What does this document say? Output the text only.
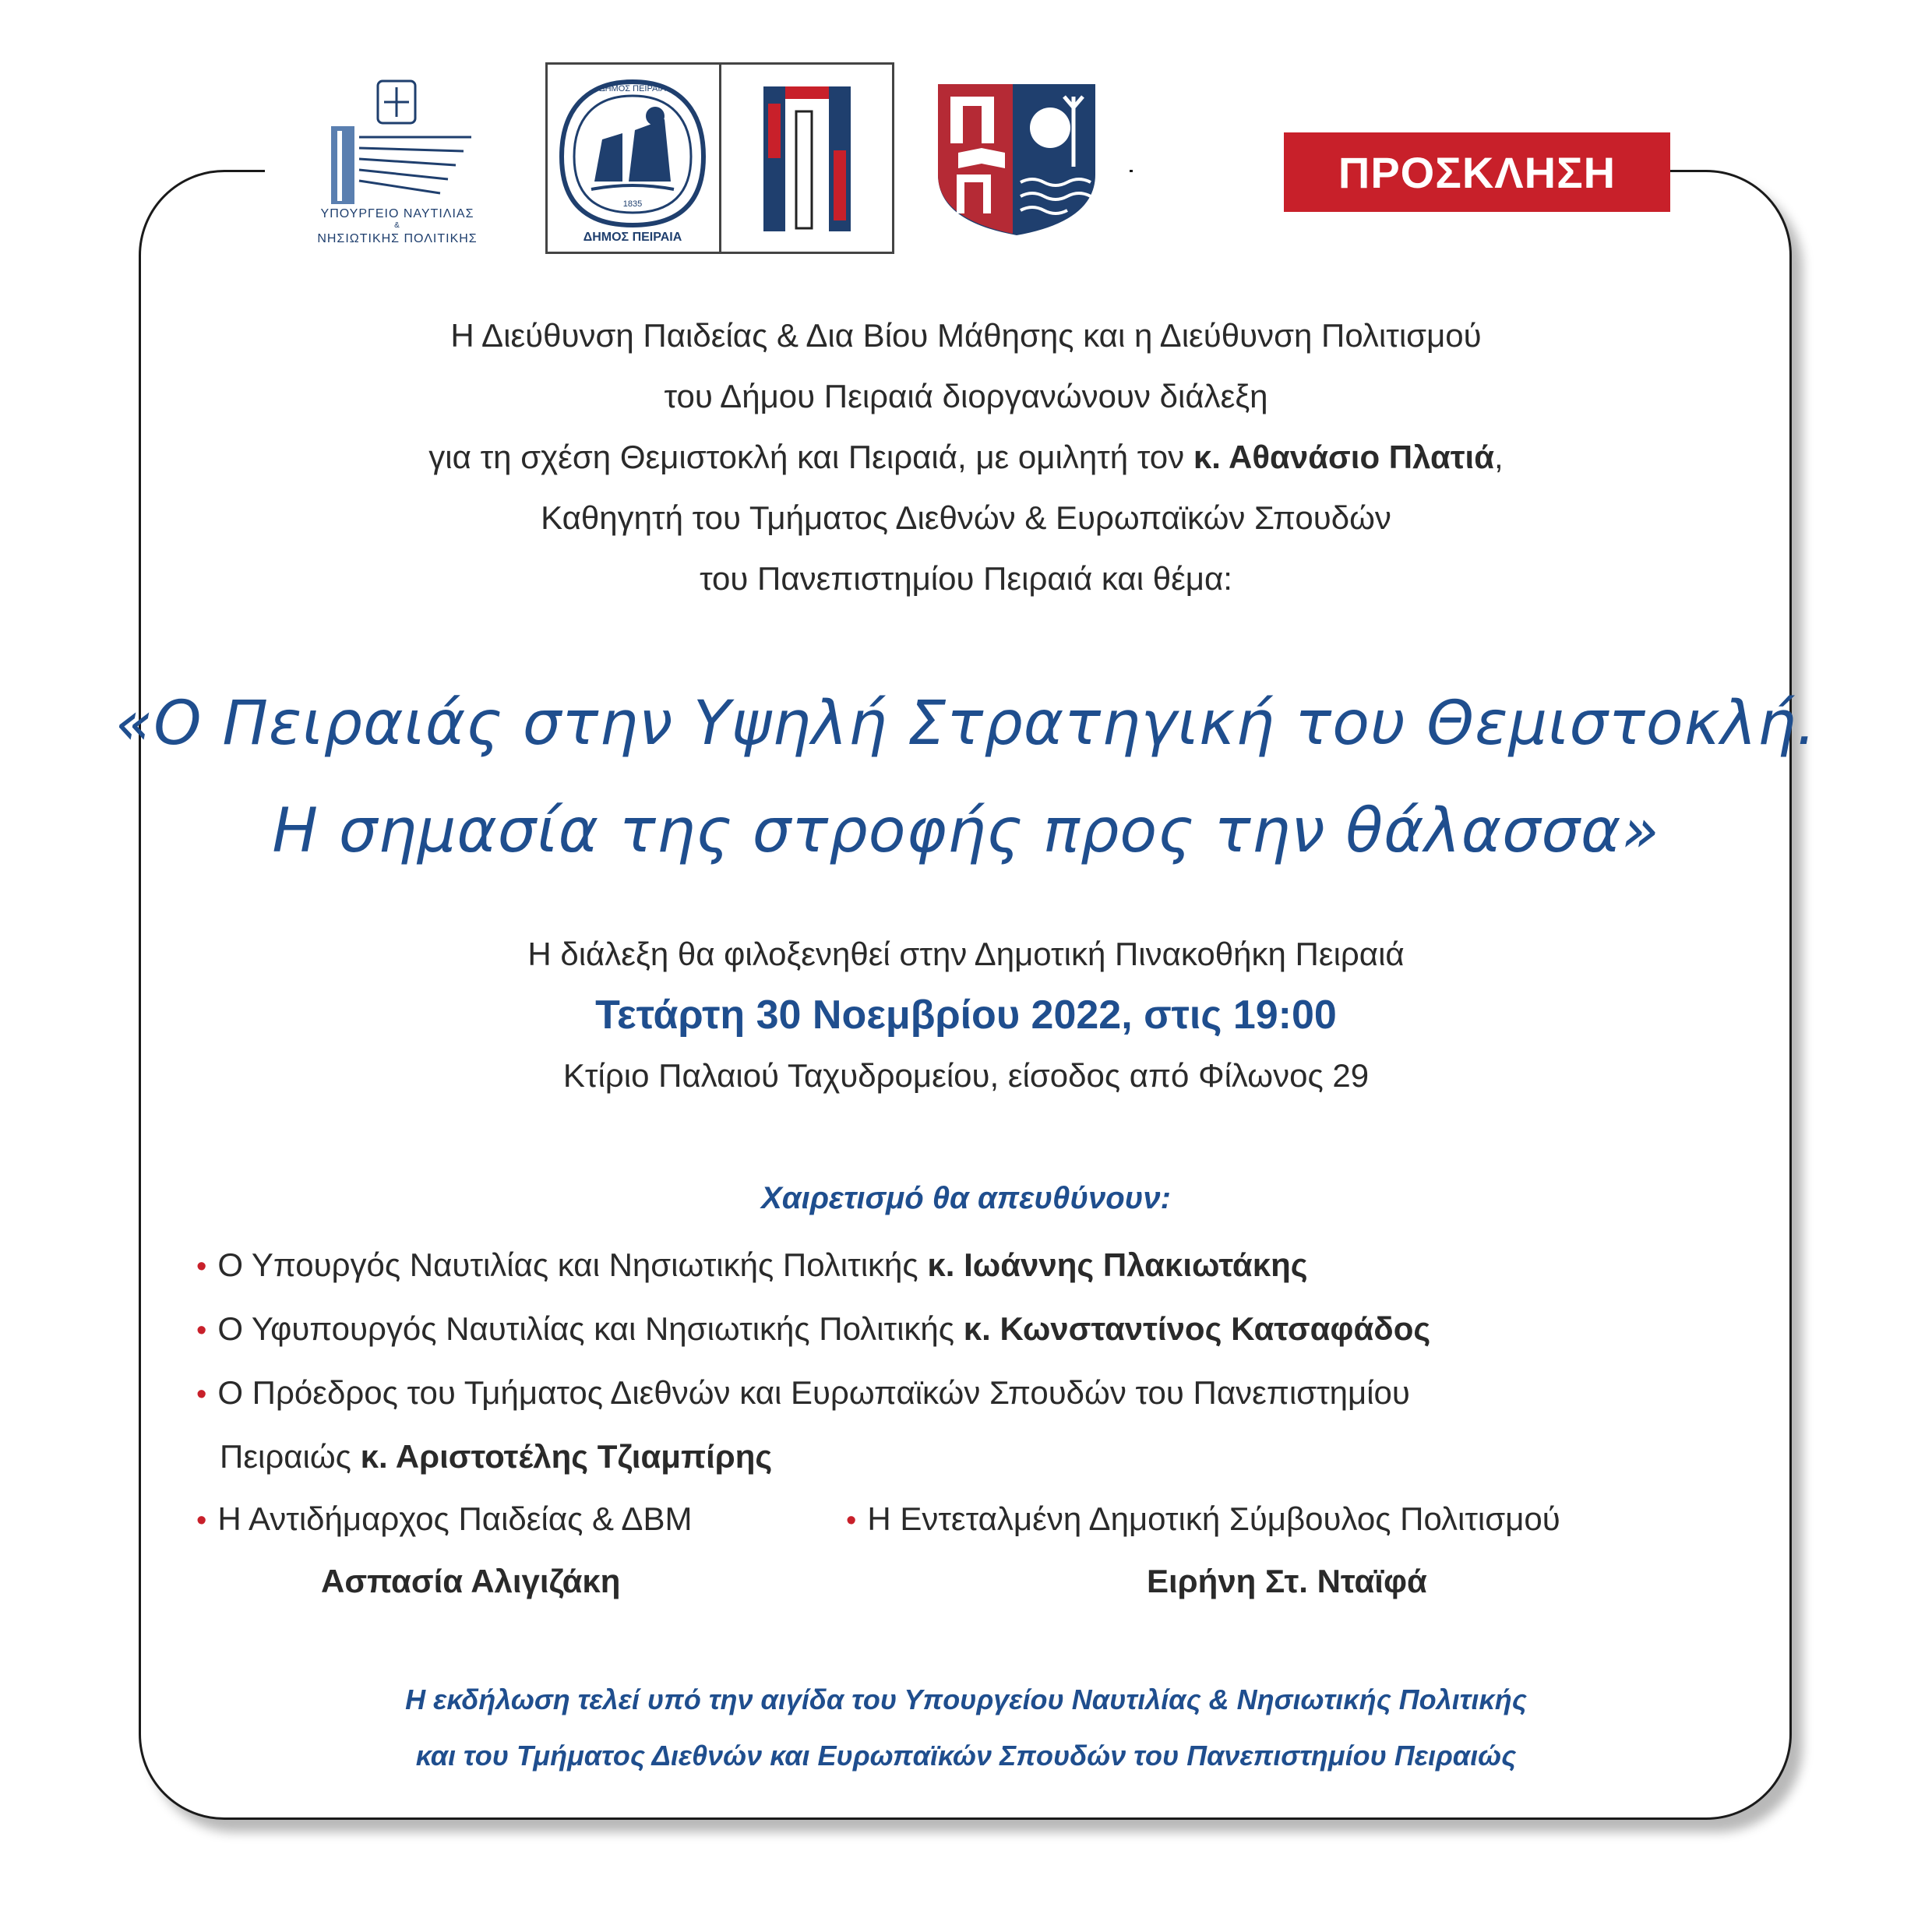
ΥΠΟΥΡΓΕΙΟ ΝΑΥΤΙΛΙΑΣ
&
ΝΗΣΙΩΤΙΚΗΣ ΠΟΛΙΤΙΚΗΣ
ΔΗΜΟΣ ΠΕΙΡΑΙΑ
1835
ΔΗΜΟΣ ΠΕΙΡΑΙΑ
ΠΡΟΣΚΛΗΣΗ

Η Διεύθυνση Παιδείας & Δια Βίου Μάθησης και η Διεύθυνση Πολιτισμού

του Δήμου Πειραιά διοργανώνουν διάλεξη

για τη σχέση Θεμιστοκλή και Πειραιά, με ομιλητή τον κ. Αθανάσιο Πλατιά,

Καθηγητή του Τμήματος Διεθνών & Ευρωπαϊκών Σπουδών

του Πανεπιστημίου Πειραιά και θέμα:

«Ο Πειραιάς στην Υψηλή Στρατηγική του Θεμιστοκλή.

Η σημασία της στροφής προς την θάλασσα»

Η διάλεξη θα φιλοξενηθεί στην Δημοτική Πινακοθήκη Πειραιά

Τετάρτη 30 Νοεμβρίου 2022, στις 19:00

Κτίριο Παλαιού Ταχυδρομείου, είσοδος από Φίλωνος 29

Χαιρετισμό θα απευθύνουν:
• Ο Υπουργός Ναυτιλίας και Νησιωτικής Πολιτικής κ. Ιωάννης Πλακιωτάκης
• Ο Υφυπουργός Ναυτιλίας και Νησιωτικής Πολιτικής κ. Κωνσταντίνος Κατσαφάδος
• Ο Πρόεδρος του Τμήματος Διεθνών και Ευρωπαϊκών Σπουδών του Πανεπιστημίου
Πειραιώς κ. Αριστοτέλης Τζιαμπίρης
• Η Αντιδήμαρχος Παιδείας & ΔΒΜ	• Η Εντεταλμένη Δημοτική Σύμβουλος Πολιτισμού
Ασπασία Αλιγιζάκη	Ειρήνη Στ. Νταϊφά

Η εκδήλωση τελεί υπό την αιγίδα του Υπουργείου Ναυτιλίας & Νησιωτικής Πολιτικής

και του Τμήματος Διεθνών και Ευρωπαϊκών Σπουδών του Πανεπιστημίου Πειραιώς
